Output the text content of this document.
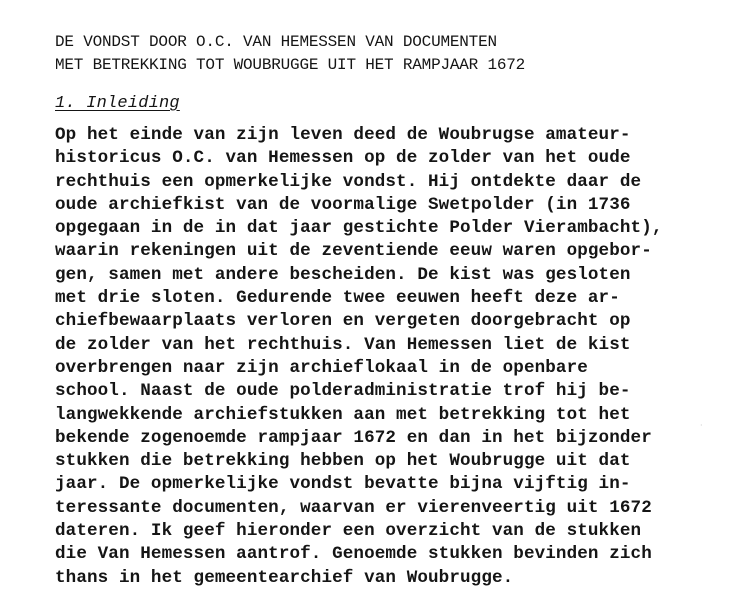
DE VONDST DOOR O.C. VAN HEMESSEN VAN DOCUMENTEN
MET BETREKKING TOT WOUBRUGGE UIT HET RAMPJAAR 1672
1. Inleiding
Op het einde van zijn leven deed de Woubrugse amateur-
historicus O.C. van Hemessen op de zolder van het oude
rechthuis een opmerkelijke vondst. Hij ontdekte daar de
oude archiefkist van de voormalige Swetpolder (in 1736
opgegaan in de in dat jaar gestichte Polder Vierambacht),
waarin rekeningen uit de zeventiende eeuw waren opgebor-
gen, samen met andere bescheiden. De kist was gesloten
met drie sloten. Gedurende twee eeuwen heeft deze ar-
chiefbewaarplaats verloren en vergeten doorgebracht op
de zolder van het rechthuis. Van Hemessen liet de kist
overbrengen naar zijn archieflokaal in de openbare
school. Naast de oude polderadministratie trof hij be-
langwekkende archiefstukken aan met betrekking tot het
bekende zogenoemde rampjaar 1672 en dan in het bijzonder
stukken die betrekking hebben op het Woubrugge uit dat
jaar. De opmerkelijke vondst bevatte bijna vijftig in-
teressante documenten, waarvan er vierenveertig uit 1672
dateren. Ik geef hieronder een overzicht van de stukken
die Van Hemessen aantrof. Genoemde stukken bevinden zich
thans in het gemeentearchief van Woubrugge.
·
